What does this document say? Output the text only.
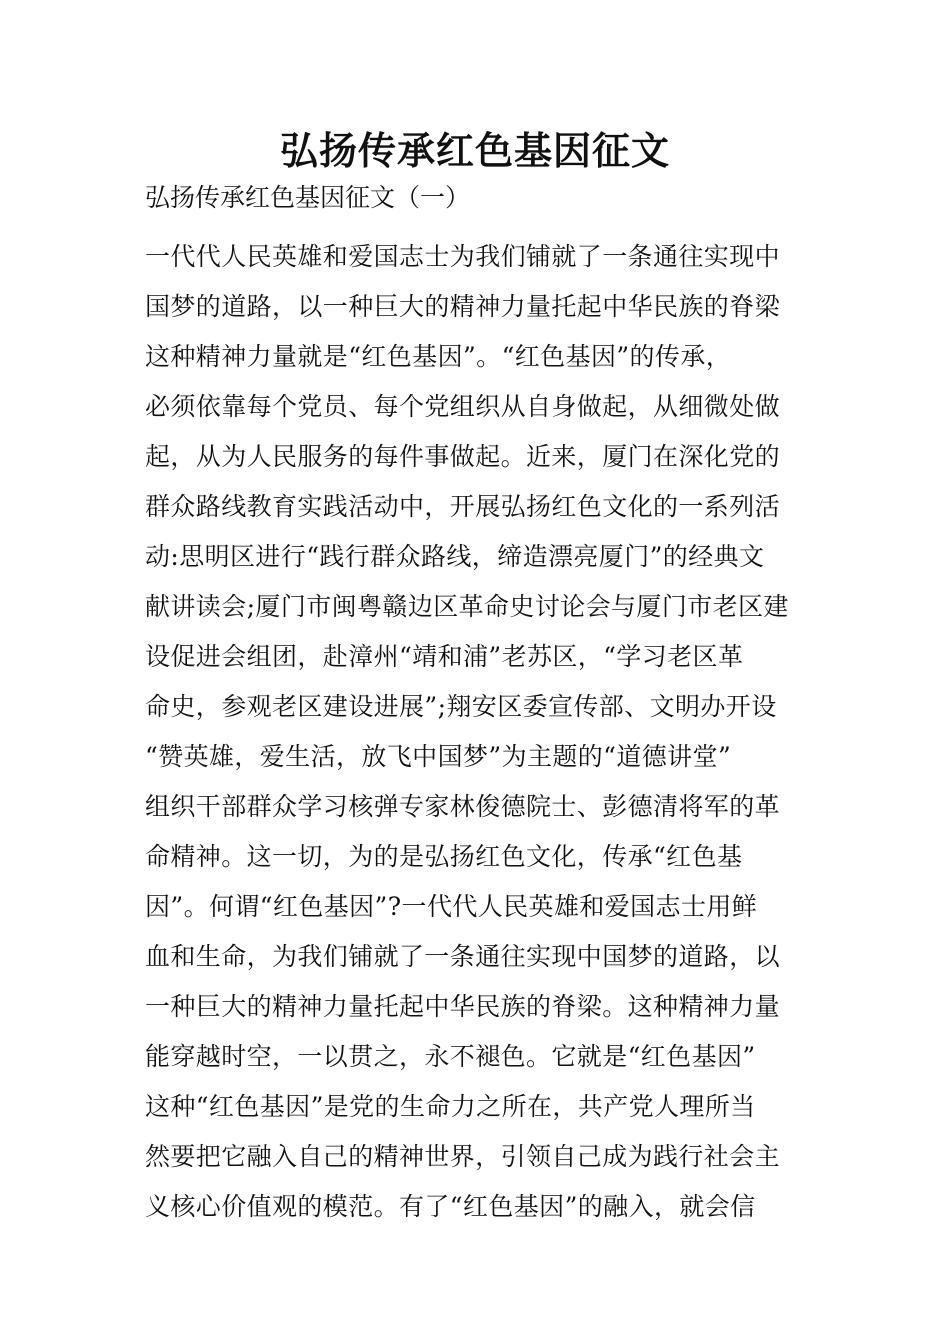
弘扬传承红色基因征文
弘扬传承红色基因征文（一）
一代代人民英雄和爱国志士为我们铺就了一条通往实现中
国梦的道路，以一种巨大的精神力量托起中华民族的脊梁
这种精神力量就是“红色基因”。“红色基因”的传承，
必须依靠每个党员、每个党组织从自身做起，从细微处做
起，从为人民服务的每件事做起。近来，厦门在深化党的
群众路线教育实践活动中，开展弘扬红色文化的一系列活
动:思明区进行“践行群众路线，缔造漂亮厦门”的经典文
献讲读会;厦门市闽粤赣边区革命史讨论会与厦门市老区建
设促进会组团，赴漳州“靖和浦”老苏区，“学习老区革
命史，参观老区建设进展”;翔安区委宣传部、文明办开设
“赞英雄，爱生活，放飞中国梦”为主题的“道德讲堂”
组织干部群众学习核弹专家林俊德院士、彭德清将军的革
命精神。这一切，为的是弘扬红色文化，传承“红色基
因”。何谓“红色基因”?一代代人民英雄和爱国志士用鲜
血和生命，为我们铺就了一条通往实现中国梦的道路，以
一种巨大的精神力量托起中华民族的脊梁。这种精神力量
能穿越时空，一以贯之，永不褪色。它就是“红色基因”
这种“红色基因”是党的生命力之所在，共产党人理所当
然要把它融入自己的精神世界，引领自己成为践行社会主
义核心价值观的模范。有了“红色基因”的融入，就会信
